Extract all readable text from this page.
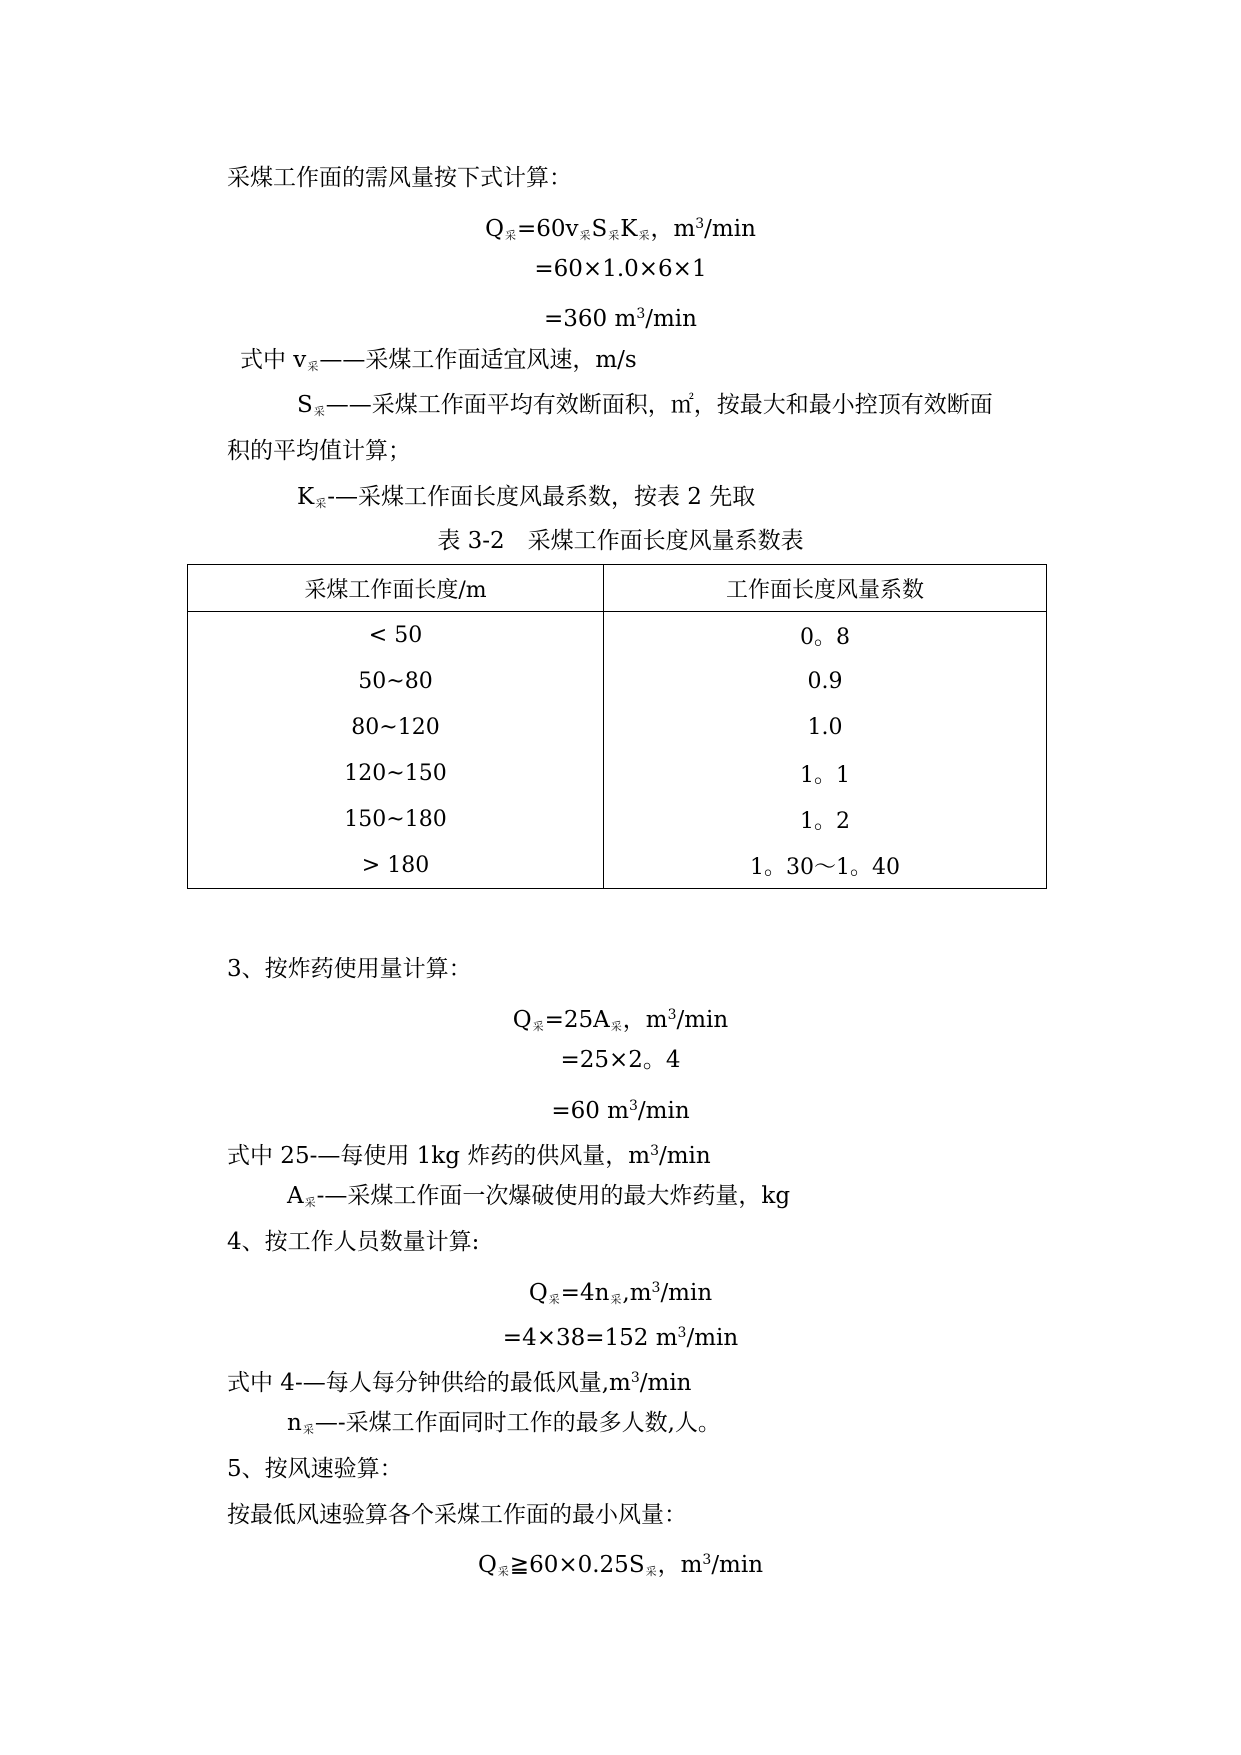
采煤工作面的需风量按下式计算：
$Q_采=60v_采S_采K_采$，$m^3/\min$
=60×1.0×6×1
=360 $m^3/\min$
式中 $v_采——$采煤工作面适宜风速，m/s
$S_采——$采煤工作面平均有效断面积，㎡，按最大和最小控顶有效断面
积的平均值计算；
$K_采-—$采煤工作面长度风最系数，按表 2 先取
表 3-2　采煤工作面长度风量系数表
采煤工作面长度/m	工作面长度风量系数
< 50	0。8
50~80	0.9
80~120	1.0
120~150	1。1
150~180	1。2
> 180	1。30～1。40
3、按炸药使用量计算：
$Q_采=25A_采$，$m^3/\min$
=25×2。4
=60 $m^3/\min$
式中 25-—每使用 1kg 炸药的供风量，$m^3/\min$
$A_采-—$采煤工作面一次爆破使用的最大炸药量，kg
4、按工作人员数量计算:
$Q_采=4n_采,m^3/\min$
=4×38=152 $m^3/\min$
式中 4-—每人每分钟供给的最低风量$,m^3/\min$
$n_采—-$采煤工作面同时工作的最多人数,人。
5、按风速验算：
按最低风速验算各个采煤工作面的最小风量：
$Q_采≧60\times 0.25S_采$，$m^3/\min$
